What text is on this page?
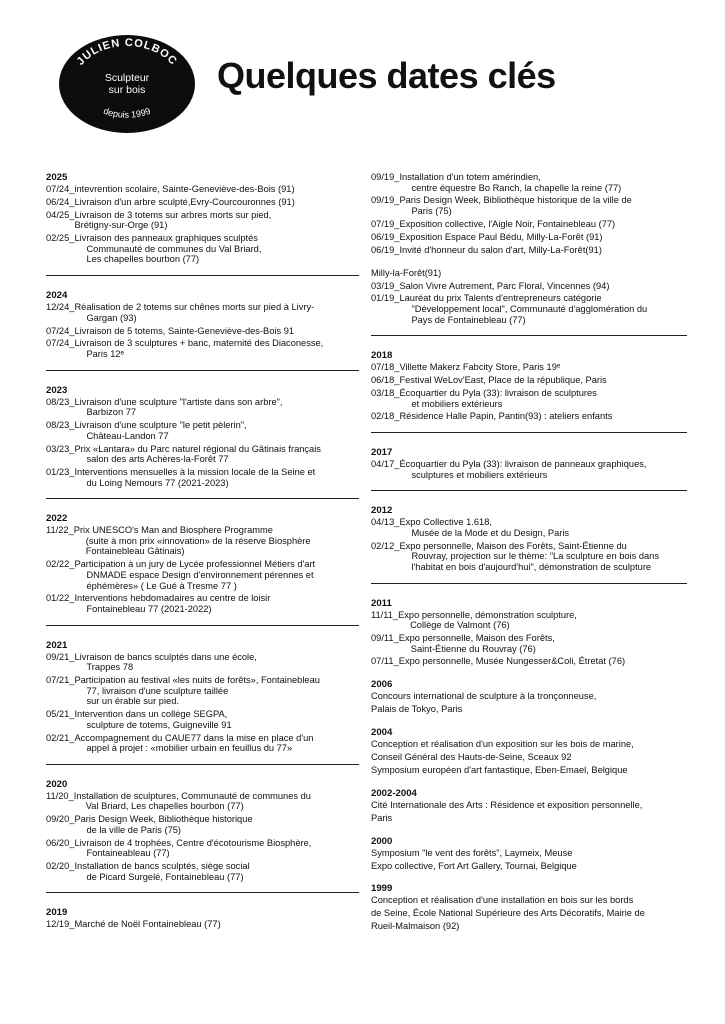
JULIEN COLBOC
Sculpteur
sur bois
depuis 1999
Quelques dates clés
2025
07/24_ intevrention scolaire, Sainte-Geneviève-des-Bois (91)
06/24_ Livraison d'un arbre sculpté,Evry-Courcouronnes (91)
04/25_ Livraison de 3 totems sur arbres morts sur pied,
Brétigny-sur-Orge (91)
02/25_ Livraison des panneaux graphiques sculptés
Communauté de communes du Val Briard,
Les chapelles bourbon (77)
2024
12/24_ Réalisation de 2 totems sur chênes morts sur pied à Livry-
Gargan (93)
07/24_ Livraison de 5 totems, Sainte-Geneviève-des-Bois 91
07/24_ Livraison de 3 sculptures + banc, maternité des Diaconesse,
Paris 12ᵉ
2023
08/23_ Livraison d'une sculpture "l'artiste dans son arbre",
Barbizon 77
08/23_ Livraison d'une sculpture "le petit pèlerin",
Château-Landon 77
03/23_ Prix «Lantara» du Parc naturel régional du Gâtinais français
salon des arts Achères-la-Forêt 77
01/23_ Interventions mensuelles à la mission locale de la Seine et
du Loing Nemours 77 (2021-2023)
2022
11/22_ Prix UNESCO's Man and Biosphere Programme
(suite à mon prix «innovation» de la réserve Biosphère
Fontainebleau Gâtinais)
02/22_ Participation à un jury de Lycée professionnel Métiers d'art
DNMADE espace Design d'environnement pérennes et
éphémères» ( Le Gué à Tresme 77 )
01/22_ Interventions hebdomadaires au centre de loisir
Fontainebleau 77 (2021-2022)
2021
09/21_ Livraison de bancs sculptés dans une école,
Trappes 78
07/21_ Participation au festival «les nuits de forêts», Fontainebleau
77, livraison d'une sculpture taillée
sur un érable sur pied.
05/21_ Intervention dans un collège SEGPA,
sculpture de totems, Guigneville 91
02/21_ Accompagnement du CAUE77 dans la mise en place d'un
appel à projet : «mobilier urbain en feuillus du 77»
2020
11/20_ Installation de sculptures, Communauté de communes du
Val Briard, Les chapelles bourbon (77)
09/20_ Paris Design Week, Bibliothèque historique
de la ville de Paris (75)
06/20_ Livraison de 4 trophées, Centre d'écotourisme Biosphère,
Fontaineableau (77)
02/20_ Installation de bancs sculptés, siège social
de Picard Surgelé, Fontainebleau (77)
2019
12/19_ Marché de Noël Fontainebleau (77)
09/19_ Installation d'un totem amérindien,
centre équestre Bo Ranch, la chapelle la reine (77)
09/19_ Paris Design Week, Bibliothèque historique de la ville de
Paris (75)
07/19_ Exposition collective, l'Aigle Noir, Fontainebleau (77)
06/19_ Exposition Espace Paul Bédu, Milly-La-Forêt (91)
06/19_ Invité d'honneur du salon d'art, Milly-La-Forêt(91)
Milly-la-Forêt(91)
03/19_ Salon Vivre Autrement, Parc Floral, Vincennes (94)
01/19_ Lauréat du prix Talents d'entrepreneurs catégorie
"Développement local", Communauté d'agglomération du
Pays de Fontainebleau (77)
2018
07/18_ Villette Makerz Fabcity Store, Paris 19ᵉ
06/18_ Festival WeLov'East, Place de la république, Paris
03/18_ Écoquartier du Pyla (33): livraison de sculptures
et mobiliers extérieurs
02/18_ Résidence Halle Papin, Pantin(93) : ateliers enfants
2017
04/17_ Écoquartier du Pyla (33): livraison de panneaux graphiques,
sculptures et mobiliers extérieurs
2012
04/13_ Expo Collective 1.618,
Musée de la Mode et du Design, Paris
02/12_ Expo personnelle, Maison des Forêts, Saint-Étienne du
Rouvray, projection sur le thème: "La sculpture en bois dans
l'habitat en bois d'aujourd'hui", démonstration de sculpture
2011
11/11_ Expo personnelle, démonstration sculpture,
Collège de Valmont (76)
09/11_ Expo personnelle, Maison des Forêts,
Saint-Étienne du Rouvray (76)
07/11_ Expo personnelle, Musée Nungesser&Coli, Étretat (76)
2006
Concours international de sculpture à la tronçonneuse,
Palais de Tokyo, Paris
2004
Conception et réalisation d'un exposition sur les bois de marine,
Conseil Général des Hauts-de-Seine, Sceaux 92
Symposium européen d'art fantastique, Eben-Emael, Belgique
2002-2004
Cité Internationale des Arts : Résidence et exposition personnelle,
Paris
2000
Symposium "le vent des forêts", Laymeix, Meuse
Expo collective, Fort Art Gallery, Tournai, Belgique
1999
Conception et réalisation d'une installation en bois sur les bords
de Seine, École National Supérieure des Arts Décoratifs, Mairie de
Rueil-Malmaison (92)
